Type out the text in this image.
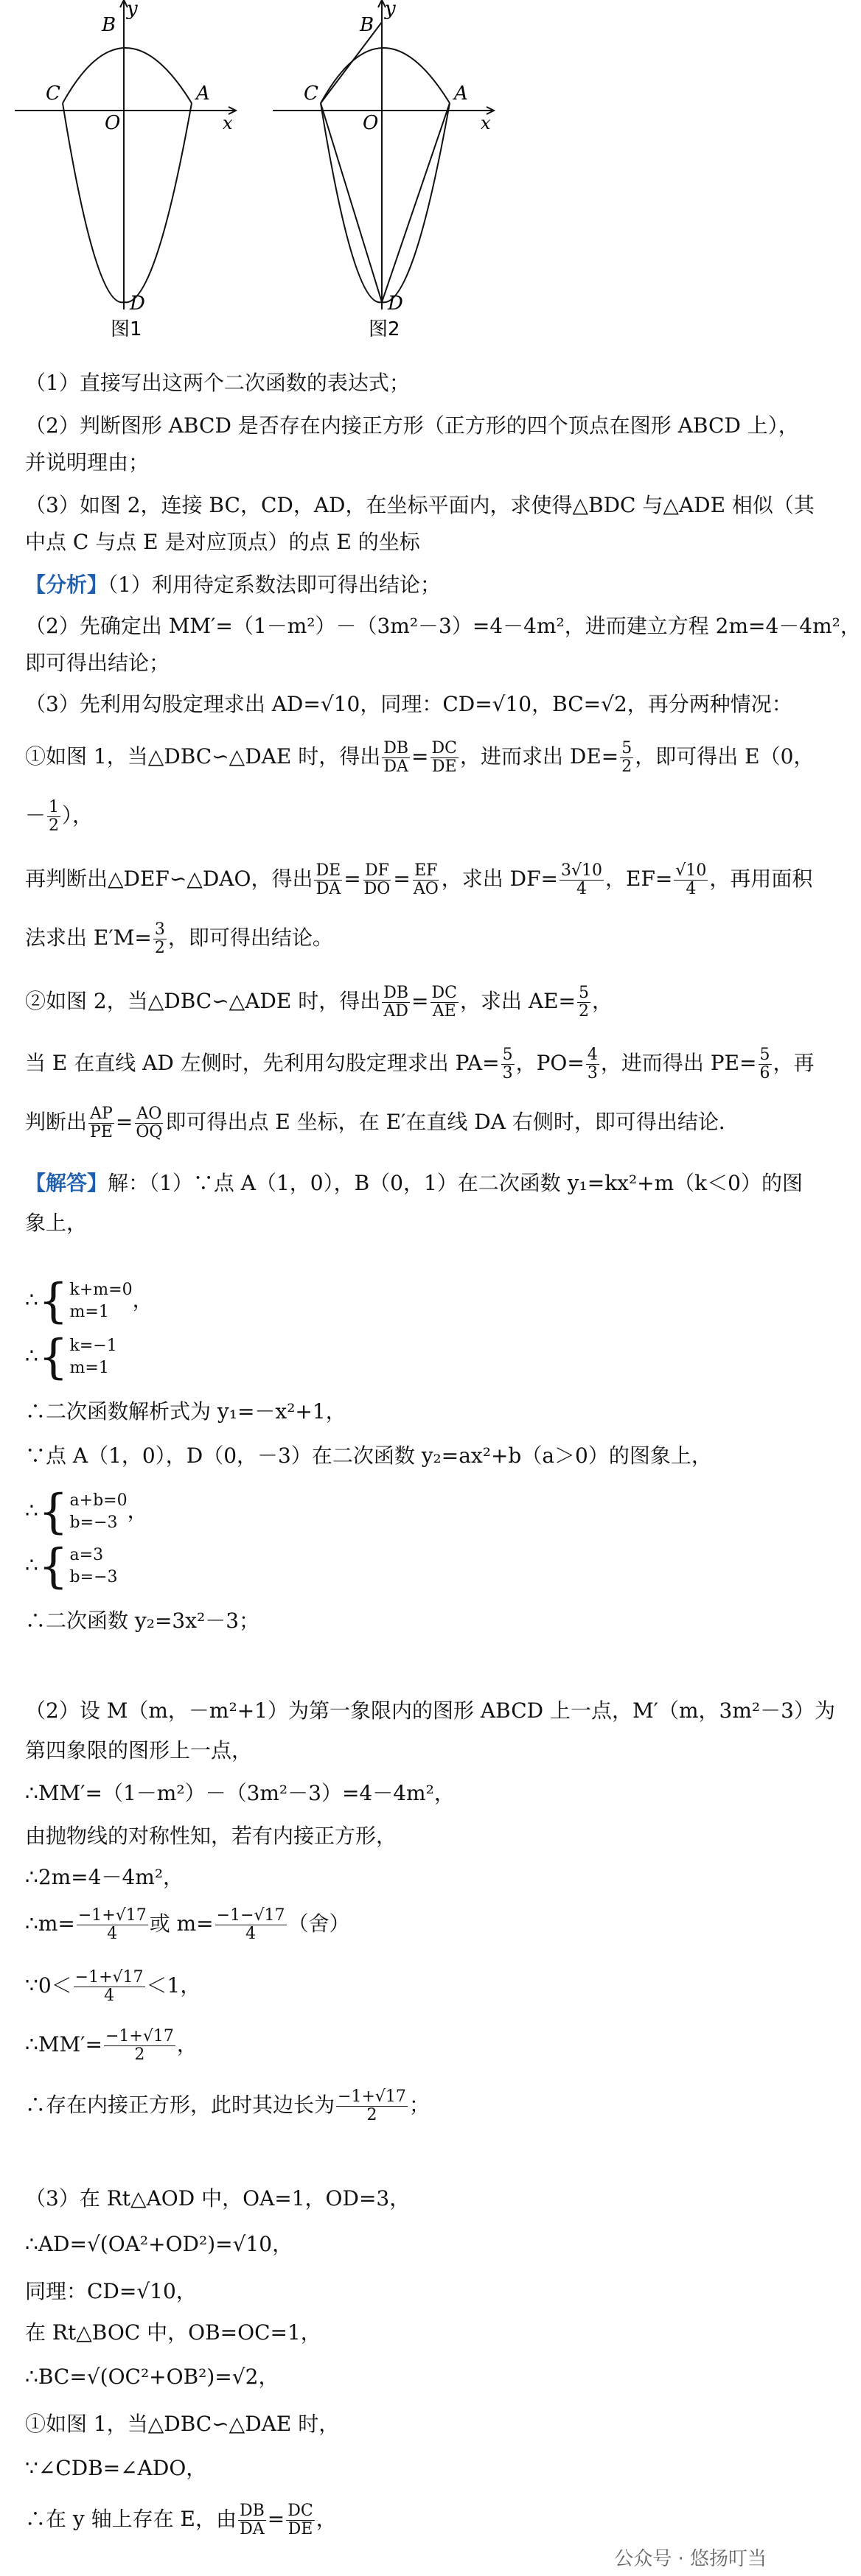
y
B
C
O
A
x
D
图1
y
B
C
O
A
x
D
图2
（1）直接写出这两个二次函数的表达式；
（2）判断图形 ABCD 是否存在内接正方形（正方形的四个顶点在图形 ABCD 上），
并说明理由；
（3）如图 2，连接 BC，CD，AD，在坐标平面内，求使得△BDC 与△ADE 相似（其
中点 C 与点 E 是对应顶点）的点 E 的坐标
【分析】（1）利用待定系数法即可得出结论；
（2）先确定出 MM′=（1－m²）－（3m²－3）=4－4m²，进而建立方程 2m=4－4m²，
即可得出结论；
（3）先利用勾股定理求出 AD=√10，同理：CD=√10，BC=√2，再分两种情况：
①如图 1，当△DBC∽△DAE 时，得出 $\frac{DB}{DA} = \frac{DC}{DE}$ ，进而求出 $DE= \frac{5}{2}$ ，即可得出 E（0，
－ $\frac{1}{2}$ ），
再判断出△DEF∽△DAO，得出 $\frac{DE}{DA} = \frac{DF}{DO} = \frac{EF}{AO}$ ，求出 $DF= \frac{3√10}{4}$ ，$EF= \frac{√10}{4}$ ，再用面积
法求出 $E'M= \frac{3}{2}$ ，即可得出结论。
②如图 2，当△DBC∽△ADE 时，得出 $\frac{DB}{AD} = \frac{DC}{AE}$ ，求出 $AE= \frac{5}{2}$ ，
当 E 在直线 AD 左侧时，先利用勾股定理求出 $PA= \frac{5}{3}$ ，$PO= \frac{4}{3}$ ，进而得出 $PE= \frac{5}{6}$ ，再
判断出 $\frac{AP}{PE} = \frac{AO}{OQ}$ 即可得出点 E 坐标，在 E′在直线 DA 右侧时，即可得出结论．
【解答】解：（1）∵点 A（1，0），B（0，1）在二次函数 y₁=kx²+m（k＜0）的图
象上，
∴ { k+m=0
m=1	，
∴ { k=−1
m=1
∴二次函数解析式为 y₁=－x²+1，
∵点 A（1，0），D（0，－3）在二次函数 y₂=ax²+b（a＞0）的图象上，
∴ { a+b=0
b=−3 ，
∴ { a=3
b=−3
∴二次函数 y₂=3x²－3；
（2）设 M（m，－m²+1）为第一象限内的图形 ABCD 上一点，M′（m，3m²－3）为
第四象限的图形上一点，
∴MM′=（1－m²）－（3m²－3）=4－4m²，
由抛物线的对称性知，若有内接正方形，
∴2m=4－4m²，
∴m= $\frac{-1+√17}{4}$ 或 $m= \frac{-1-√17}{4}$ （舍）
∵0＜ $\frac{-1+√17}{4} <1$，
∴MM′= $\frac{-1+√17}{2}$ ，
∴存在内接正方形，此时其边长为 $\frac{-1+√17}{2}$ ；
（3）在 Rt△AOD 中，OA=1，OD=3，
∴AD=√(OA²+OD²)=√10，
同理：CD=√10，
在 Rt△BOC 中，OB=OC=1，
∴BC=√(OC²+OB²)=√2，
①如图 1，当△DBC∽△DAE 时，
∵∠CDB=∠ADO，
∴在 y 轴上存在 E，由 $\frac{DB}{DA} = \frac{DC}{DE}$ ，
公众号 · 悠扬叮当
